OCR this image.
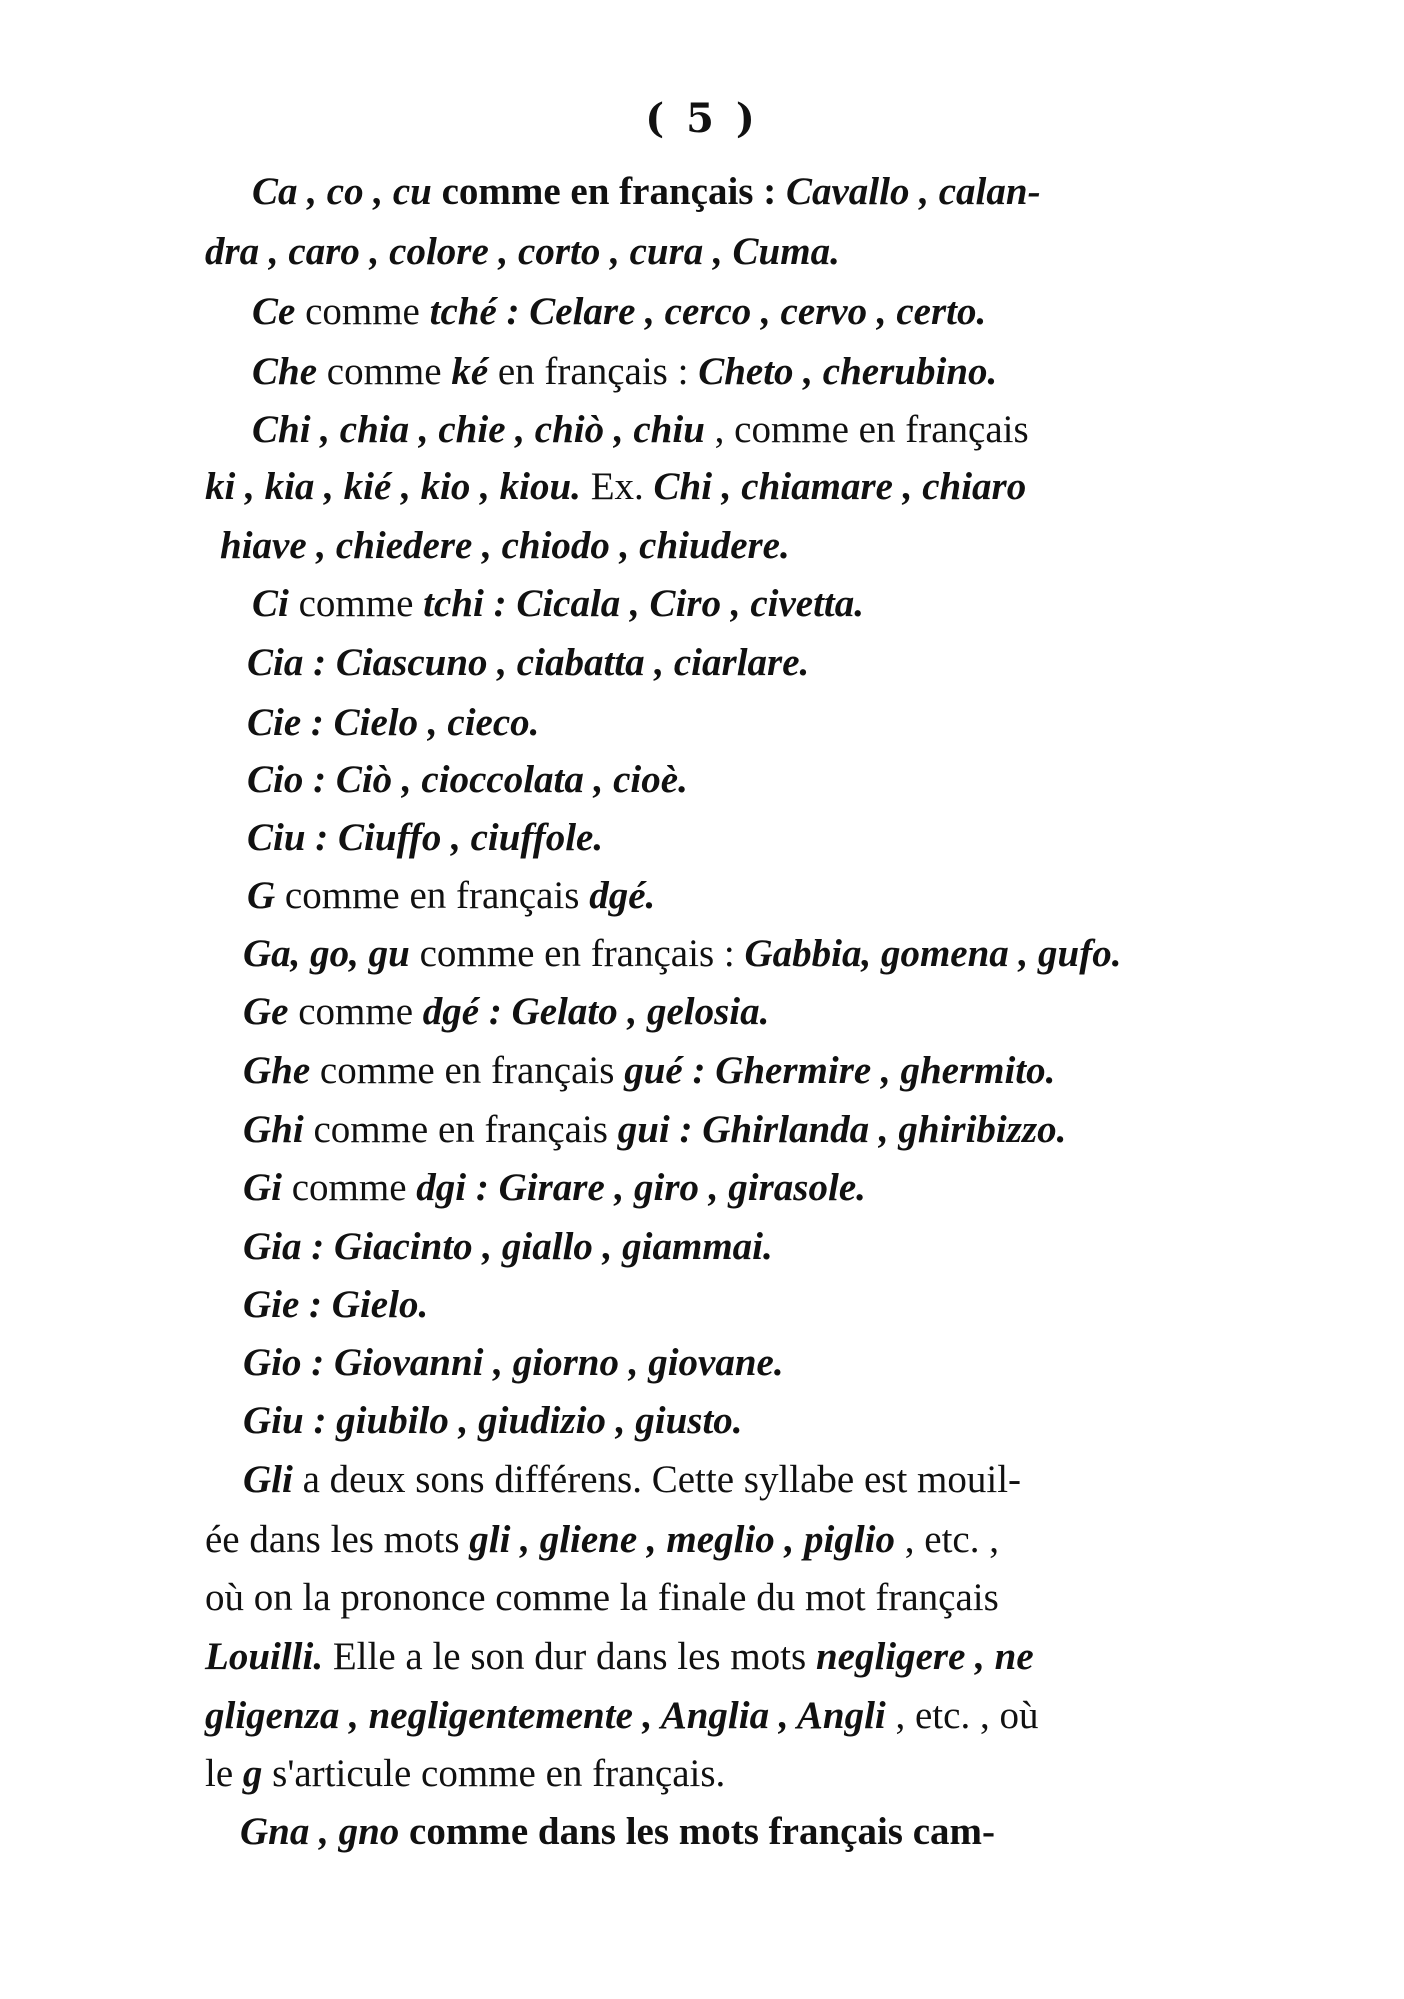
( 5 )
Ca , co , cu comme en français : Cavallo , calan-
dra , caro , colore , corto , cura , Cuma.
Ce comme tché : Celare , cerco , cervo , certo.
Che comme ké en français : Cheto , cherubino.
Chi , chia , chie , chiò , chiu , comme en français
ki , kia , kié , kio , kiou. Ex. Chi , chiamare , chiaro
hiave , chiedere , chiodo , chiudere.
Ci comme tchi : Cicala , Ciro , civetta.
Cia : Ciascuno , ciabatta , ciarlare.
Cie : Cielo , cieco.
Cio : Ciò , cioccolata , cioè.
Ciu : Ciuffo , ciuffole.
G comme en français dgé.
Ga, go, gu comme en français : Gabbia, gomena , gufo.
Ge comme dgé : Gelato , gelosia.
Ghe comme en français gué : Ghermire , ghermito.
Ghi comme en français gui : Ghirlanda , ghiribizzo.
Gi comme dgi : Girare , giro , girasole.
Gia : Giacinto , giallo , giammai.
Gie : Gielo.
Gio : Giovanni , giorno , giovane.
Giu : giubilo , giudizio , giusto.
Gli a deux sons différens. Cette syllabe est mouil-
ée dans les mots gli , gliene , meglio , piglio , etc. ,
où on la prononce comme la finale du mot français
Louilli. Elle a le son dur dans les mots negligere , ne
gligenza , negligentemente , Anglia , Angli , etc. , où
le g s'articule comme en français.
Gna , gno comme dans les mots français cam-
